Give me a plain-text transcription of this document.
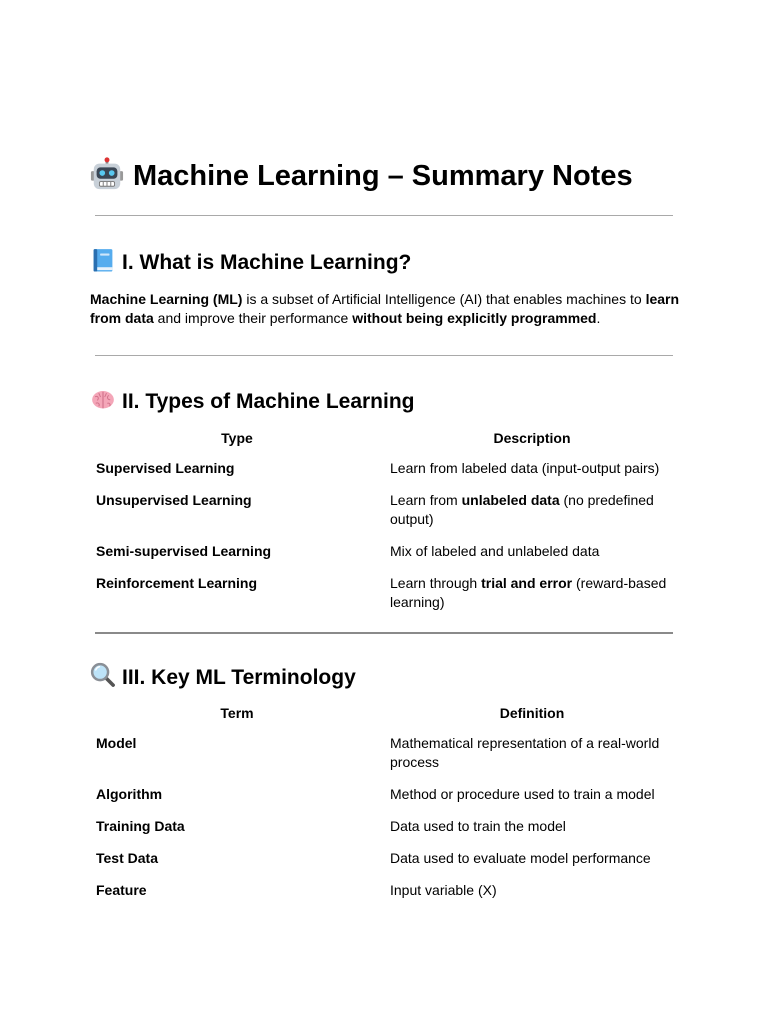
Machine Learning – Summary Notes
I. What is Machine Learning?

Machine Learning (ML) is a subset of Artificial Intelligence (AI) that enables machines to learn from data and improve their performance without being explicitly programmed.

II. Types of Machine Learning
Type	Description
Supervised Learning	Learn from labeled data (input-output pairs)
Unsupervised Learning	Learn from unlabeled data (no predefined output)
Semi-supervised Learning	Mix of labeled and unlabeled data
Reinforcement Learning	Learn through trial and error (reward-based learning)
III. Key ML Terminology
Term	Definition
Model	Mathematical representation of a real-world process
Algorithm	Method or procedure used to train a model
Training Data	Data used to train the model
Test Data	Data used to evaluate model performance
Feature	Input variable (X)
